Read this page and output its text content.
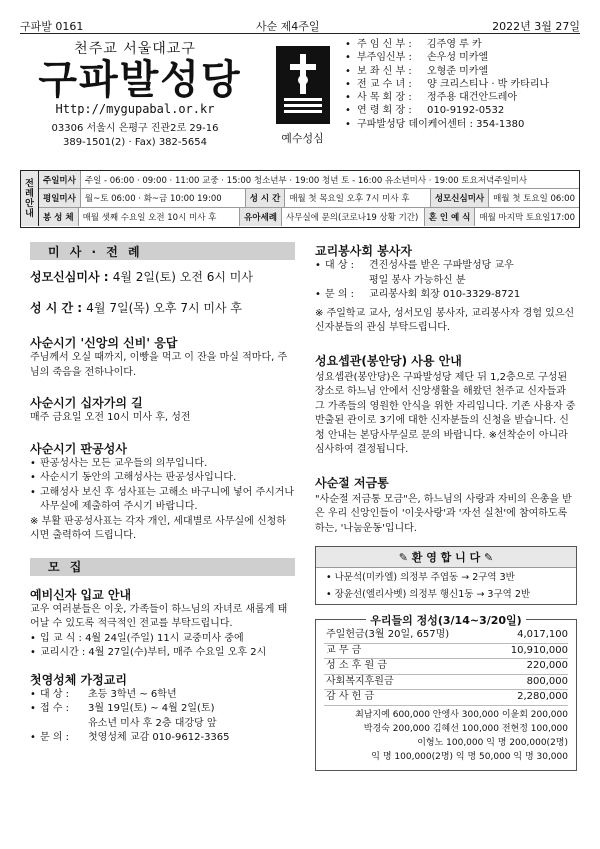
구파발 0161	사순 제4주일	2022년 3월 27일
천주교 서울대교구
구파발성당
Http://mygupabal.or.kr
03306 서울시 은평구 진관2로 29-16
389-1501(2) · Fax) 382-5654	예수성심
• 주 임 신 부 :	김주영 루 카
• 부주임신부 :	손우성 미카엘
• 보 좌 신 부 :	오형준 미카엘
• 전 교 수 녀 :	양 크리스티나 · 박 카타리나
• 사 목 회 장 :	정주용 대건안드레아
• 연 령 회 장 :	010-9192-0532
• 구파발성당 데이케어센터 : 354-1380
전
례
안
내
주일미사	주일 - 06:00 · 09:00 · 11:00 교중 · 15:00 청소년부 · 19:00 청년 토 - 16:00 유소년미사 · 19:00 토요저녁주일미사
평일미사	월~토 06:00 · 화~금 10:00 19:00	성 시 간	매월 첫 목요일 오후 7시 미사 후	성모신심미사	매월 첫 토요일 06:00
봉 성 체	매월 셋째 수요일 오전 10시 미사 후	유아세례	사무실에 문의(코로나19 상황 기간)	혼 인 예 식	매월 마지막 토요일17:00
미 사 · 전 례
성모신심미사 : 4월 2일(토) 오전 6시 미사
성 시 간 : 4월 7일(목) 오후 7시 미사 후
사순시기 '신앙의 신비' 응답
주님께서 오실 때까지, 이빵을 먹고 이 잔을 마실 적마다, 주님의 죽음을 전하나이다.
사순시기 십자가의 길
매주 금요일 오전 10시 미사 후, 성전
사순시기 판공성사
• 판공성사는 모든 교우들의 의무입니다.
• 사순시기 동안의 고해성사는 판공성사입니다.
• 고해성사 보신 후 성사표는 고해소 바구니에 넣어 주시거나 사무실에 제출하여 주시기 바랍니다.
※ 부활 판공성사표는 각자 개인, 세대별로 사무실에 신청하시면 출력하여 드립니다.
모 집
예비신자 입교 안내
교우 여러분들은 이웃, 가족들이 하느님의 자녀로 새롭게 태어날 수 있도록 적극적인 전교를 부탁드립니다.
• 입 교 식 : 4월 24일(주일) 11시 교중미사 중에
• 교리시간 : 4월 27일(수)부터, 매주 수요일 오후 2시
첫영성체 가정교리
• 대 상 :	초등 3학년 ~ 6학년
• 접 수 :	3월 19일(토) ~ 4월 2일(토)
유소년 미사 후 2층 대강당 앞
• 문 의 :	첫영성체 교감 010-9612-3365
교리봉사회 봉사자
• 대 상 :	견진성사를 받은 구파발성당 교우
평일 봉사 가능하신 분
• 문 의 :	교리봉사회 회장 010-3329-8721
※ 주일학교 교사, 성서모임 봉사자, 교리봉사자 경험 있으신 신자분들의 관심 부탁드립니다.
성요셉관(봉안당) 사용 안내
성요셉관(봉안당)은 구파발성당 제단 뒤 1,2층으로 구성된 장소로 하느님 안에서 신앙생활을 해왔던 천주교 신자들과 그 가족들의 영원한 안식을 위한 자리입니다. 기존 사용자 중 반출된 관이로 3기에 대한 신자분들의 신청을 받습니다. 신청 안내는 본당사무실로 문의 바랍니다. ※선착순이 아니라 심사하여 결정됩니다.
사순절 저금통
"사순절 저금통 모금"은, 하느님의 사랑과 자비의 은총을 받은 우리 신앙인들이 '이웃사랑'과 '자선 실천'에 참여하도록 하는, '나눔운동'입니다.
✎ 환 영 합 니 다 ✎
• 나문석(미카엘) 의정부 주엽동 → 2구역 3반
• 장윤선(엘리사벳) 의정부 행신1동 → 3구역 2반
우리들의 정성(3/14~3/20일)
주일헌금(3월 20일, 657명)	4,017,100
교 무 금	10,910,000
성 소 후 원 금	220,000
사회복지후원금	800,000
감 사 헌 금	2,280,000
최남지예 600,000 안엥사 300,000 이윤회 200,000
박경숙 200,000 김혜선 100,000 전현정 100,000
이형노 100,000 익 명 200,000(2명)
익 명 100,000(2명) 익 명 50,000 익 명 30,000
